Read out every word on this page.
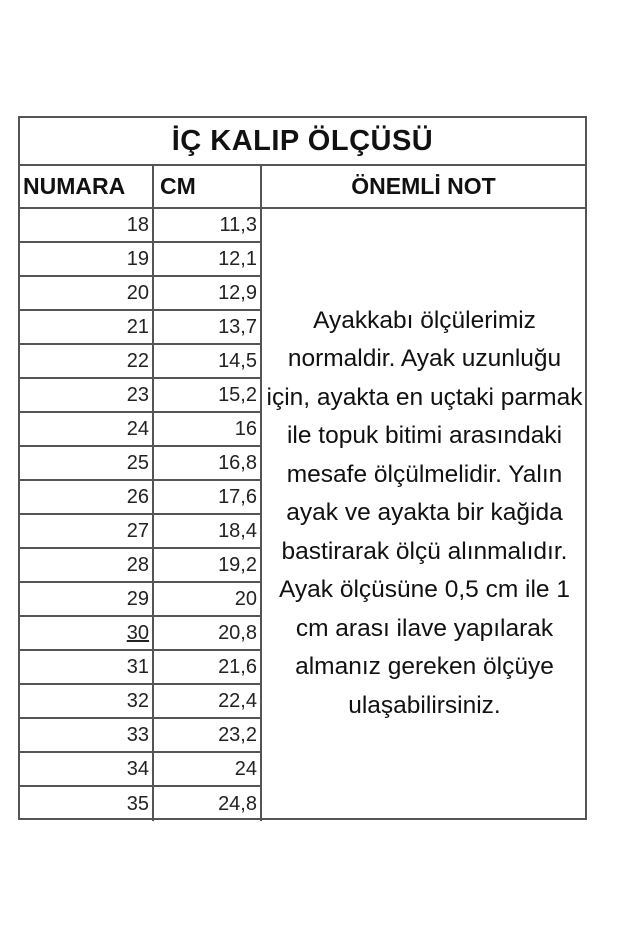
İÇ KALIP ÖLÇÜSÜ
NUMARA	CM	ÖNEMLİ NOT
18	11,3
19	12,1
20	12,9
21	13,7
22	14,5
23	15,2
24	16
25	16,8
26	17,6
27	18,4
28	19,2
29	20
30	20,8
31	21,6
32	22,4
33	23,2
34	24
35	24,8
Ayakkabı ölçülerimiz normaldir. Ayak uzunluğu için, ayakta en uçtaki parmak ile topuk bitimi arasındaki mesafe ölçülmelidir. Yalın ayak ve ayakta bir kağida bastirarak ölçü alınmalıdır. Ayak ölçüsüne 0,5 cm ile 1 cm arası ilave yapılarak almanız gereken ölçüye ulaşabilirsiniz.
